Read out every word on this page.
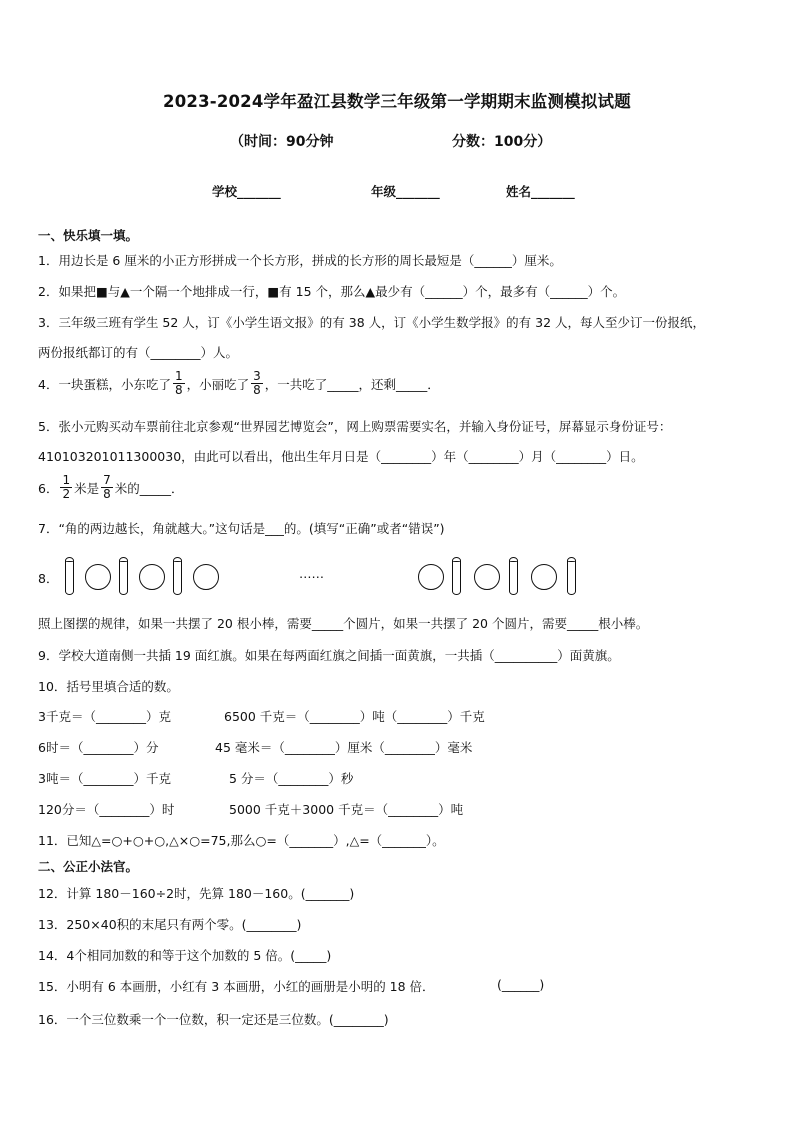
2023-2024学年盈江县数学三年级第一学期期末监测模拟试题
（时间：90分钟	分数：100分）
学校_______	年级_______	姓名_______
一、快乐填一填。
1．用边长是 6 厘米的小正方形拼成一个长方形，拼成的长方形的周长最短是（______）厘米。
2．如果把■与▲一个隔一个地排成一行，■有 15 个，那么▲最少有（______）个，最多有（______）个。
3．三年级三班有学生 52 人，订《小学生语文报》的有 38 人，订《小学生数学报》的有 32 人，每人至少订一份报纸，
两份报纸都订的有（________）人。
4．一块蛋糕，小东吃了 $\frac{1}{8}$ ，小丽吃了 $\frac{3}{8}$ ，一共吃了_____，还剩_____．
5．张小元购买动车票前往北京参观“世界园艺博览会”，网上购票需要实名，并输入身份证号，屏幕显示身份证号：
410103201011300030，由此可以看出，他出生年月日是（________）年（________）月（________）日。
6． $\frac{1}{2}$ 米是 $\frac{7}{8}$ 米的_____．
7．“角的两边越长，角就越大。”这句话是___的。(填写“正确”或者“错误”)
8．	……
照上图摆的规律，如果一共摆了 20 根小棒，需要_____个圆片，如果一共摆了 20 个圆片，需要_____根小棒。
9．学校大道南侧一共插 19 面红旗。如果在每两面红旗之间插一面黄旗，一共插（__________）面黄旗。
10．括号里填合适的数。
3千克＝（________）克	6500 千克＝（________）吨（________）千克
6时＝（________）分	45 毫米＝（________）厘米（________）毫米
3吨＝（________）千克	5 分＝（________）秒
120分＝（________）时	5000 千克＋3000 千克＝（________）吨
11．已知△=○+○+○,△×○=75,那么○=（_______）,△=（_______）。
二、公正小法官。
12．计算 180－160÷2时，先算 180－160。(_______)
13．250×40积的末尾只有两个零。(________)
14．4个相同加数的和等于这个加数的 5 倍。(_____)
15．小明有 6 本画册，小红有 3 本画册，小红的画册是小明的 18 倍．	(______)
16．一个三位数乘一个一位数，积一定还是三位数。(________)
